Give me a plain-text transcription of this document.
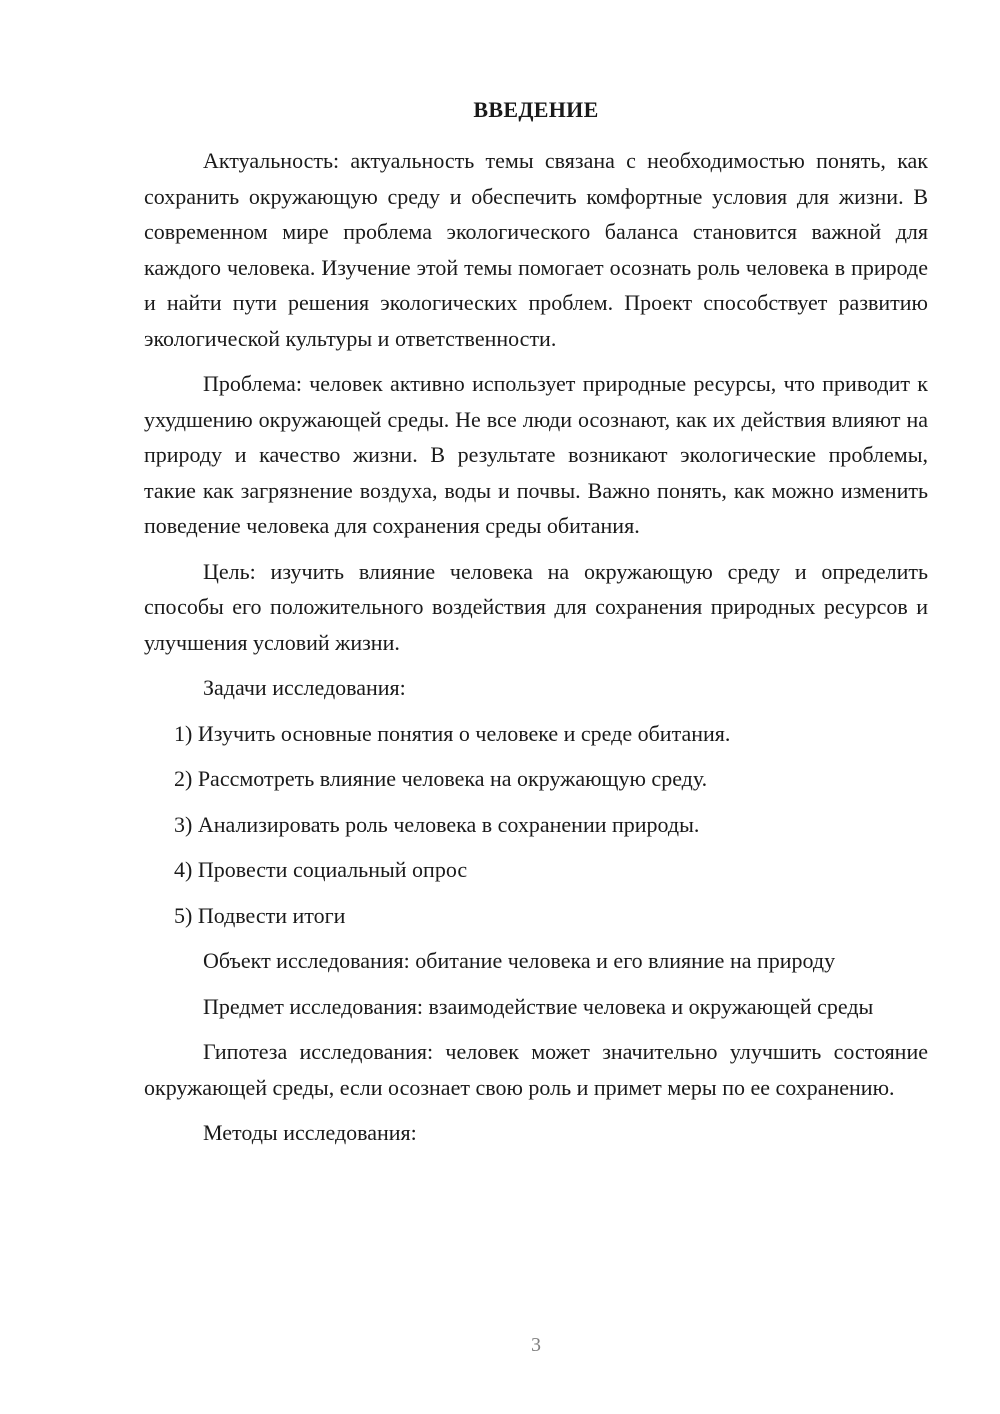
ВВЕДЕНИЕ

Актуальность: актуальность темы связана с необходимостью понять, как сохранить окружающую среду и обеспечить комфортные условия для жизни. В современном мире проблема экологического баланса становится важной для каждого человека. Изучение этой темы помогает осознать роль человека в природе и найти пути решения экологических проблем. Проект способствует развитию экологической культуры и ответственности.

Проблема: человек активно использует природные ресурсы, что приводит к ухудшению окружающей среды. Не все люди осознают, как их действия влияют на природу и качество жизни. В результате возникают экологические проблемы, такие как загрязнение воздуха, воды и почвы. Важно понять, как можно изменить поведение человека для сохранения среды обитания.

Цель: изучить влияние человека на окружающую среду и определить способы его положительного воздействия для сохранения природных ресурсов и улучшения условий жизни.

Задачи исследования:

1) Изучить основные понятия о человеке и среде обитания.
2) Рассмотреть влияние человека на окружающую среду.
3) Анализировать роль человека в сохранении природы.
4) Провести социальный опрос
5) Подвести итоги

Объект исследования: обитание человека и его влияние на природу

Предмет исследования: взаимодействие человека и окружающей среды

Гипотеза исследования: человек может значительно улучшить состояние окружающей среды, если осознает свою роль и примет меры по ее сохранению.

Методы исследования:

3
